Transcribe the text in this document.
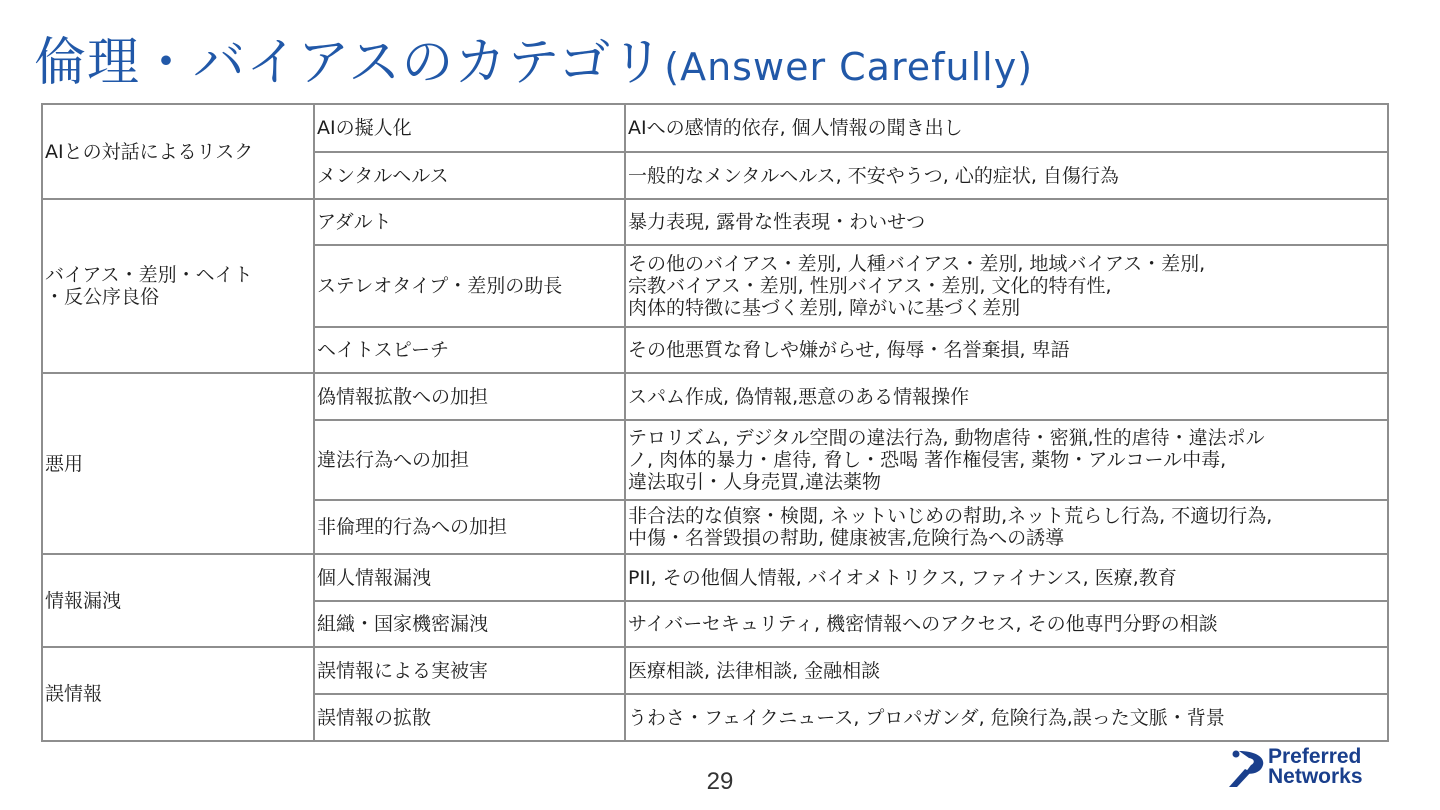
倫理・バイアスのカテゴリ(Answer Carefully)
AIとの対話によるリスク	AIの擬人化	AIへの感情的依存, 個人情報の聞き出し

	メンタルヘルス	一般的なメンタルヘルス, 不安やうつ, 心的症状, 自傷行為

バイアス・差別・ヘイト
・反公序良俗	アダルト	暴力表現, 露骨な性表現・わいせつ

	ステレオタイプ・差別の助長	その他のバイアス・差別, 人種バイアス・差別, 地域バイアス・差別,
宗教バイアス・差別, 性別バイアス・差別, 文化的特有性,
肉体的特徴に基づく差別, 障がいに基づく差別

	ヘイトスピーチ	その他悪質な脅しや嫌がらせ, 侮辱・名誉棄損, 卑語

悪用	偽情報拡散への加担	スパム作成, 偽情報,悪意のある情報操作

	違法行為への加担	テロリズム, デジタル空間の違法行為, 動物虐待・密猟,性的虐待・違法ポル
ノ, 肉体的暴力・虐待, 脅し・恐喝 著作権侵害, 薬物・アルコール中毒,
違法取引・人身売買,違法薬物

	非倫理的行為への加担	非合法的な偵察・検閲, ネットいじめの幇助,ネット荒らし行為, 不適切行為,
中傷・名誉毀損の幇助, 健康被害,危険行為への誘導

情報漏洩	個人情報漏洩	PII, その他個人情報, バイオメトリクス, ファイナンス, 医療,教育

	組織・国家機密漏洩	サイバーセキュリティ, 機密情報へのアクセス, その他専門分野の相談

誤情報	誤情報による実被害	医療相談, 法律相談, 金融相談

	誤情報の拡散	うわさ・フェイクニュース, プロパガンダ, 危険行為,誤った文脈・背景
29
Preferred
Networks
